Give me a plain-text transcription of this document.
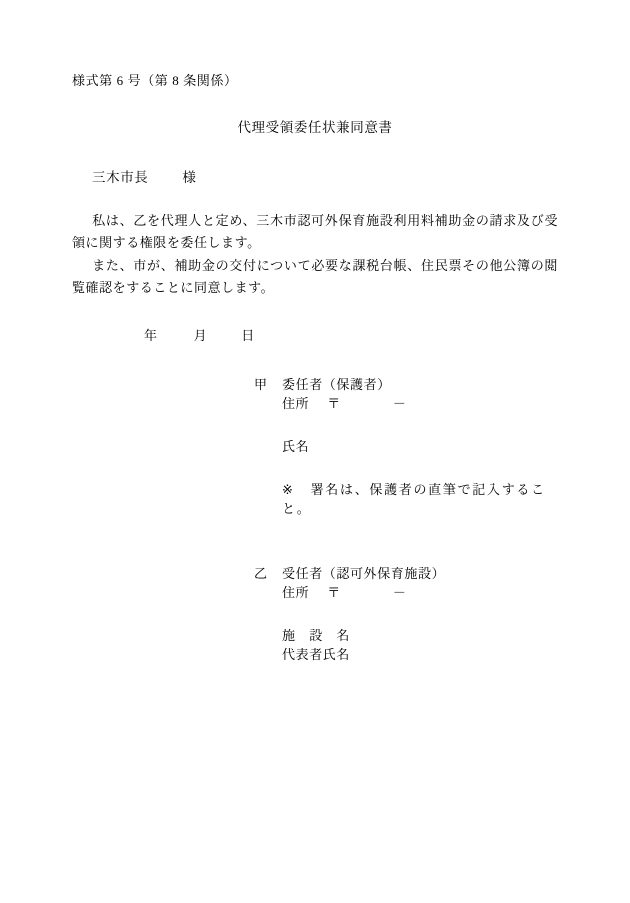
様式第 6 号（第 8 条関係）

代理受領委任状兼同意書

三木市長	様

私は、乙を代理人と定め、三木市認可外保育施設利用料補助金の請求及び受領に関する権限を委任します。

また、市が、補助金の交付について必要な課税台帳、住民票その他公簿の閲覧確認をすることに同意します。

年	月	日

甲 委任者（保護者）

住所 〒	－

氏名

※ 署名は、保護者の直筆で記入すること。

乙 受任者（認可外保育施設）

住所 〒	－

施　設　名

代表者氏名
